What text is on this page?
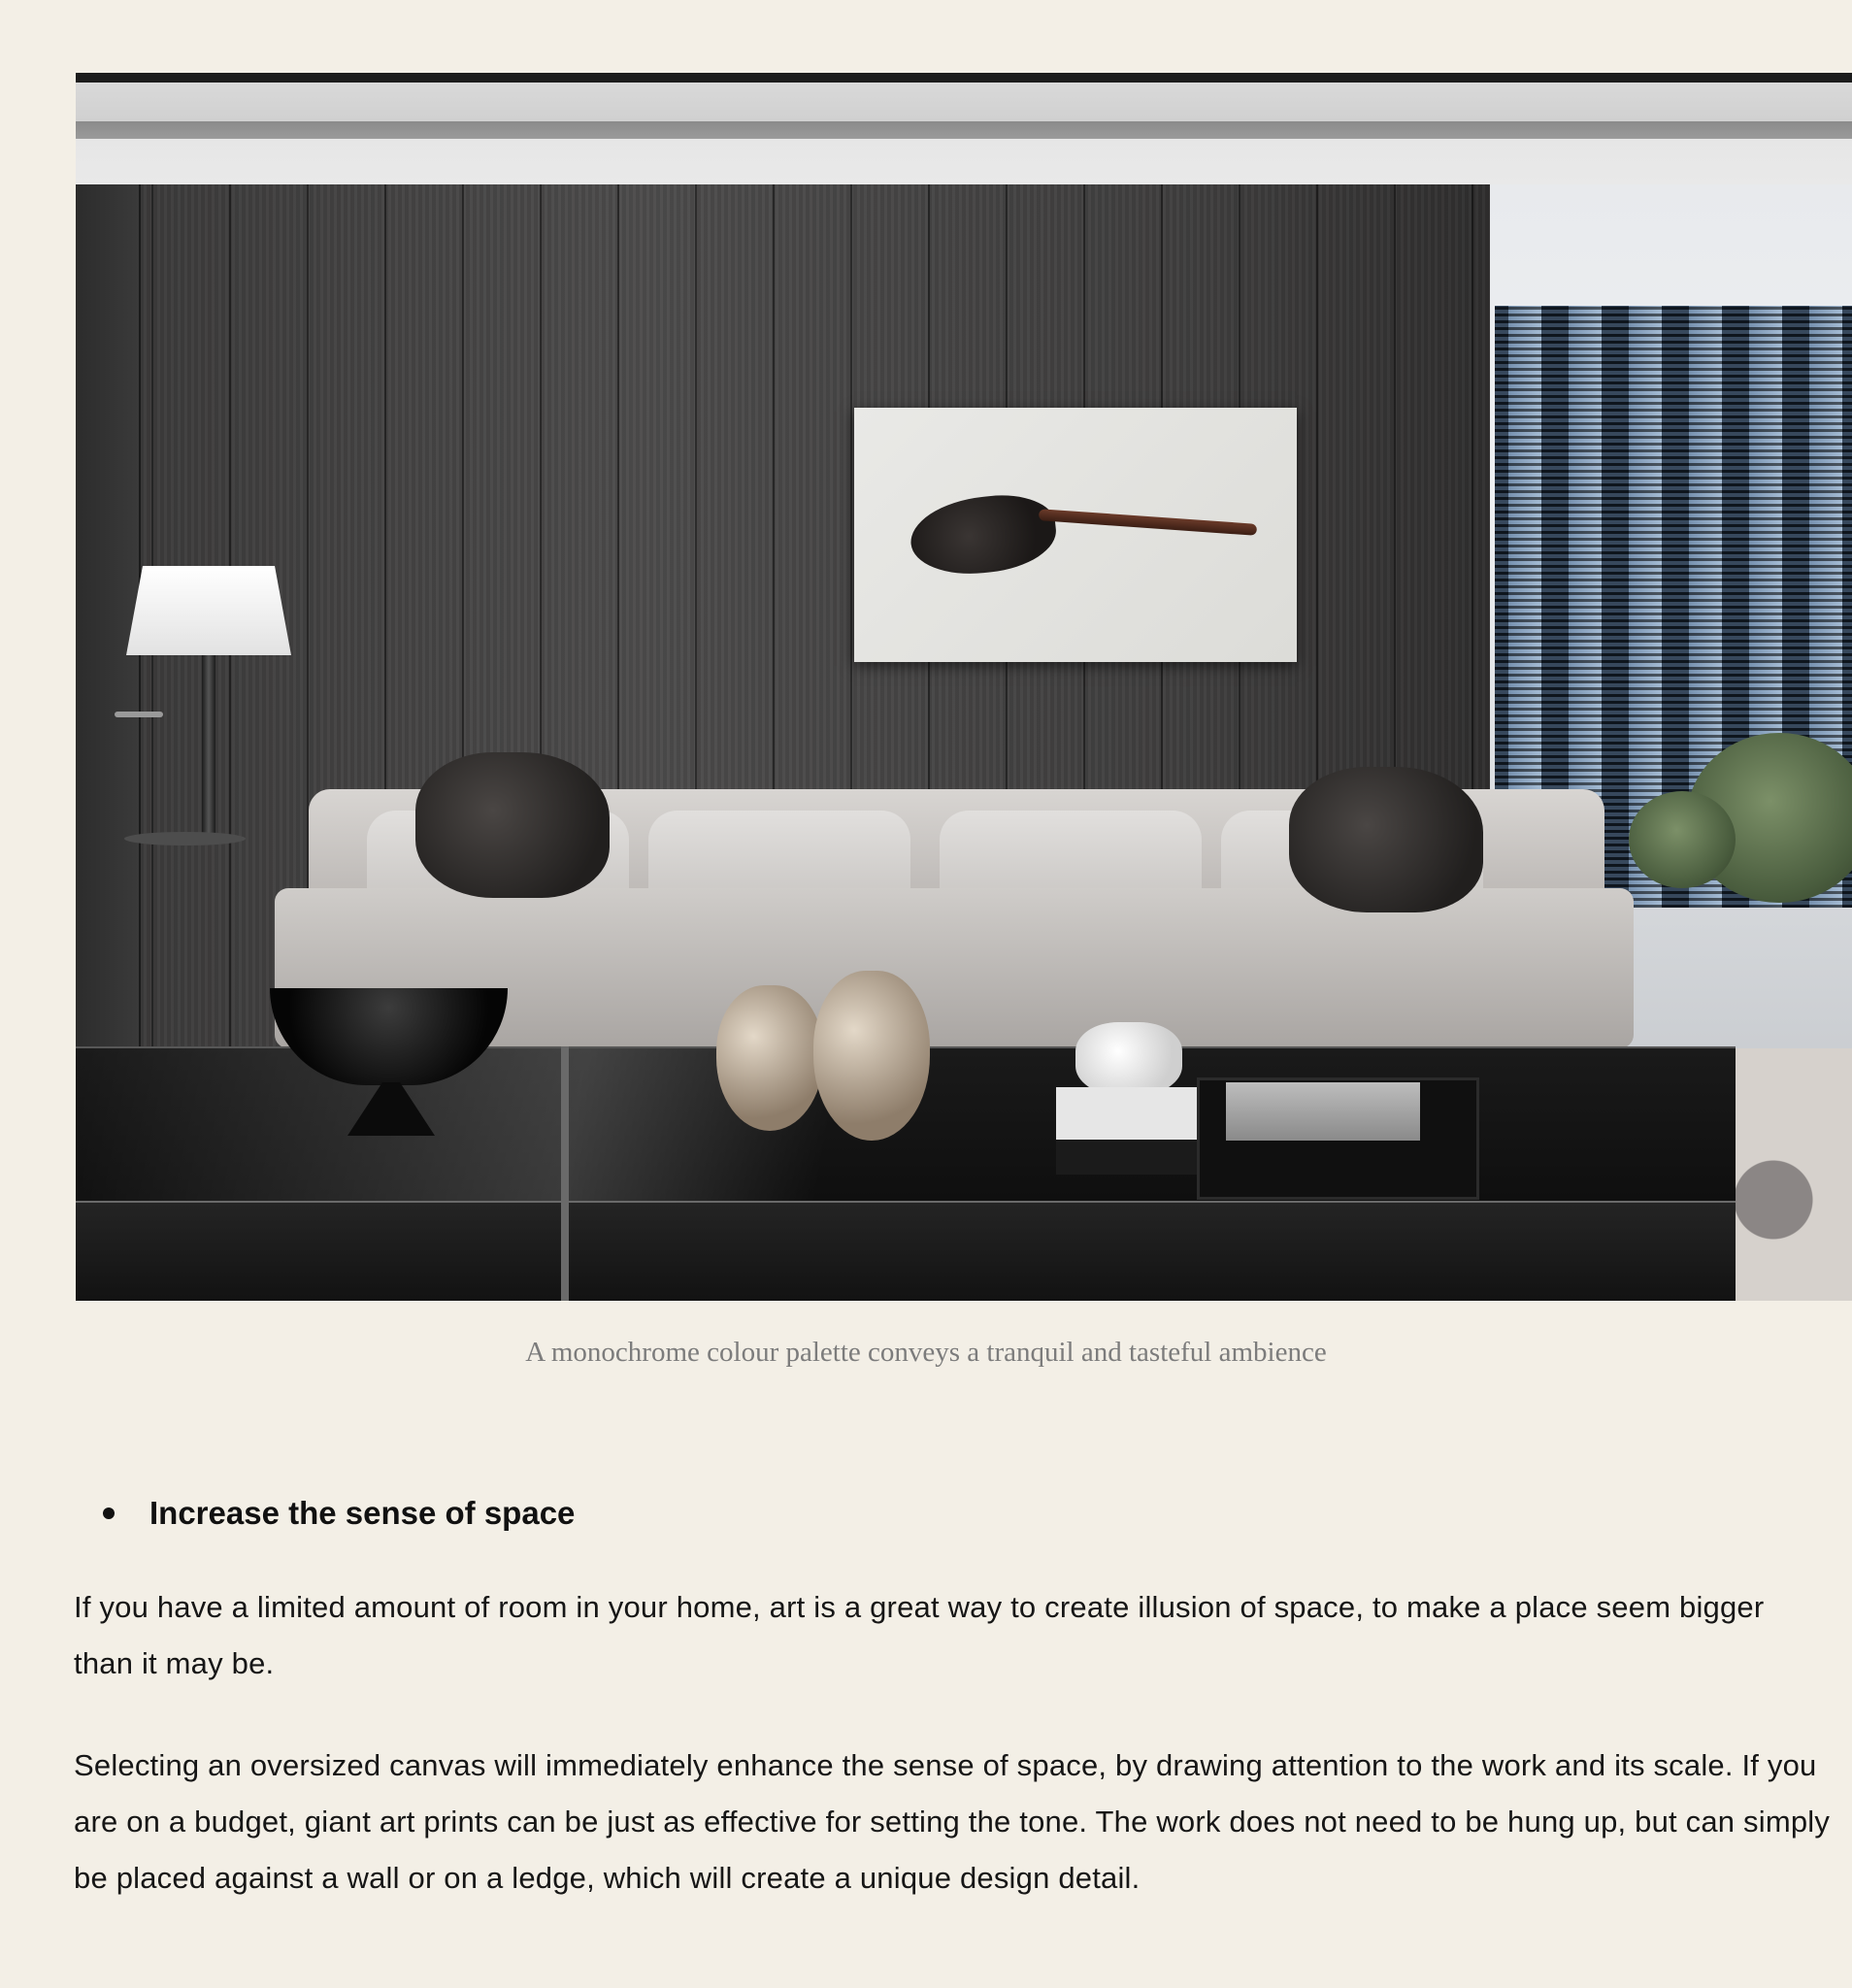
A monochrome colour palette conveys a tranquil and tasteful ambience
Increase the sense of space

If you have a limited amount of room in your home, art is a great way to create illusion of space, to make a place seem bigger than it may be.

Selecting an oversized canvas will immediately enhance the sense of space, by drawing attention to the work and its scale. If you are on a budget, giant art prints can be just as effective for setting the tone. The work does not need to be hung up, but can simply be placed against a wall or on a ledge, which will create a unique design detail.
